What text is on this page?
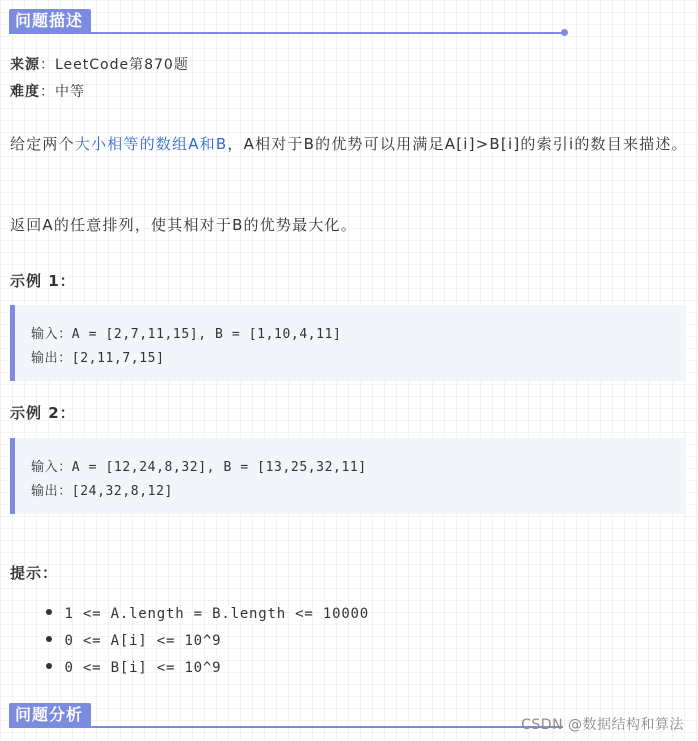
问题描述
来源：LeetCode第870题
难度：中等
给定两个大小相等的数组A和B，A相对于B的优势可以用满足A[i]>B[i]的索引i的数目来描述。
返回A的任意排列，使其相对于B的优势最大化。
示例 1：
输入：A = [2,7,11,15], B = [1,10,4,11]
输出：[2,11,7,15]
示例 2：
输入：A = [12,24,8,32], B = [13,25,32,11]
输出：[24,32,8,12]
提示：

1 <= A.length = B.length <= 10000

0 <= A[i] <= 10^9

0 <= B[i] <= 10^9

问题分析
CSDN @数据结构和算法
